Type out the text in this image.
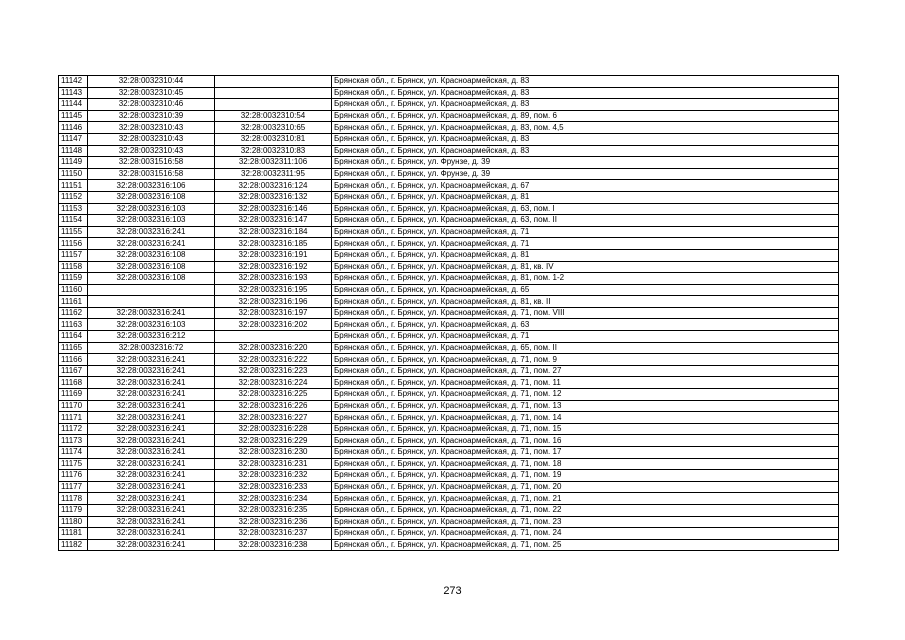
11142	32:28:0032310:44		Брянская обл., г. Брянск, ул. Красноармейская, д. 83
11143	32:28:0032310:45		Брянская обл., г. Брянск, ул. Красноармейская, д. 83
11144	32:28:0032310:46		Брянская обл., г. Брянск, ул. Красноармейская, д. 83
11145	32:28:0032310:39	32:28:0032310:54	Брянская обл., г. Брянск, ул. Красноармейская, д. 89, пом. 6
11146	32:28:0032310:43	32:28:0032310:65	Брянская обл., г. Брянск, ул. Красноармейская, д. 83, пом. 4,5
11147	32:28:0032310:43	32:28:0032310:81	Брянская обл., г. Брянск, ул. Красноармейская, д. 83
11148	32:28:0032310:43	32:28:0032310:83	Брянская обл., г. Брянск, ул. Красноармейская, д. 83
11149	32:28:0031516:58	32:28:0032311:106	Брянская обл., г. Брянск, ул. Фрунзе, д. 39
11150	32:28:0031516:58	32:28:0032311:95	Брянская обл., г. Брянск, ул. Фрунзе, д. 39
11151	32:28:0032316:106	32:28:0032316:124	Брянская обл., г. Брянск, ул. Красноармейская, д. 67
11152	32:28:0032316:108	32:28:0032316:132	Брянская обл., г. Брянск, ул. Красноармейская, д. 81
11153	32:28:0032316:103	32:28:0032316:146	Брянская обл., г. Брянск, ул. Красноармейская, д. 63, пом. I
11154	32:28:0032316:103	32:28:0032316:147	Брянская обл., г. Брянск, ул. Красноармейская, д. 63, пом. II
11155	32:28:0032316:241	32:28:0032316:184	Брянская обл., г. Брянск, ул. Красноармейская, д. 71
11156	32:28:0032316:241	32:28:0032316:185	Брянская обл., г. Брянск, ул. Красноармейская, д. 71
11157	32:28:0032316:108	32:28:0032316:191	Брянская обл., г. Брянск, ул. Красноармейская, д. 81
11158	32:28:0032316:108	32:28:0032316:192	Брянская обл., г. Брянск, ул. Красноармейская, д. 81, кв. IV
11159	32:28:0032316:108	32:28:0032316:193	Брянская обл., г. Брянск, ул. Красноармейская, д. 81, пом. 1-2
11160		32:28:0032316:195	Брянская обл., г. Брянск, ул. Красноармейская, д. 65
11161		32:28:0032316:196	Брянская обл., г. Брянск, ул. Красноармейская, д. 81, кв. II
11162	32:28:0032316:241	32:28:0032316:197	Брянская обл., г. Брянск, ул. Красноармейская, д. 71, пом. VIII
11163	32:28:0032316:103	32:28:0032316:202	Брянская обл., г. Брянск, ул. Красноармейская, д. 63
11164	32:28:0032316:212		Брянская обл., г. Брянск, ул. Красноармейская, д. 71
11165	32:28:0032316:72	32:28:0032316:220	Брянская обл., г. Брянск, ул. Красноармейская, д. 65, пом. II
11166	32:28:0032316:241	32:28:0032316:222	Брянская обл., г. Брянск, ул. Красноармейская, д. 71, пом. 9
11167	32:28:0032316:241	32:28:0032316:223	Брянская обл., г. Брянск, ул. Красноармейская, д. 71, пом. 27
11168	32:28:0032316:241	32:28:0032316:224	Брянская обл., г. Брянск, ул. Красноармейская, д. 71, пом. 11
11169	32:28:0032316:241	32:28:0032316:225	Брянская обл., г. Брянск, ул. Красноармейская, д. 71, пом. 12
11170	32:28:0032316:241	32:28:0032316:226	Брянская обл., г. Брянск, ул. Красноармейская, д. 71, пом. 13
11171	32:28:0032316:241	32:28:0032316:227	Брянская обл., г. Брянск, ул. Красноармейская, д. 71, пом. 14
11172	32:28:0032316:241	32:28:0032316:228	Брянская обл., г. Брянск, ул. Красноармейская, д. 71, пом. 15
11173	32:28:0032316:241	32:28:0032316:229	Брянская обл., г. Брянск, ул. Красноармейская, д. 71, пом. 16
11174	32:28:0032316:241	32:28:0032316:230	Брянская обл., г. Брянск, ул. Красноармейская, д. 71, пом. 17
11175	32:28:0032316:241	32:28:0032316:231	Брянская обл., г. Брянск, ул. Красноармейская, д. 71, пом. 18
11176	32:28:0032316:241	32:28:0032316:232	Брянская обл., г. Брянск, ул. Красноармейская, д. 71, пом. 19
11177	32:28:0032316:241	32:28:0032316:233	Брянская обл., г. Брянск, ул. Красноармейская, д. 71, пом. 20
11178	32:28:0032316:241	32:28:0032316:234	Брянская обл., г. Брянск, ул. Красноармейская, д. 71, пом. 21
11179	32:28:0032316:241	32:28:0032316:235	Брянская обл., г. Брянск, ул. Красноармейская, д. 71, пом. 22
11180	32:28:0032316:241	32:28:0032316:236	Брянская обл., г. Брянск, ул. Красноармейская, д. 71, пом. 23
11181	32:28:0032316:241	32:28:0032316:237	Брянская обл., г. Брянск, ул. Красноармейская, д. 71, пом. 24
11182	32:28:0032316:241	32:28:0032316:238	Брянская обл., г. Брянск, ул. Красноармейская, д. 71, пом. 25
273
